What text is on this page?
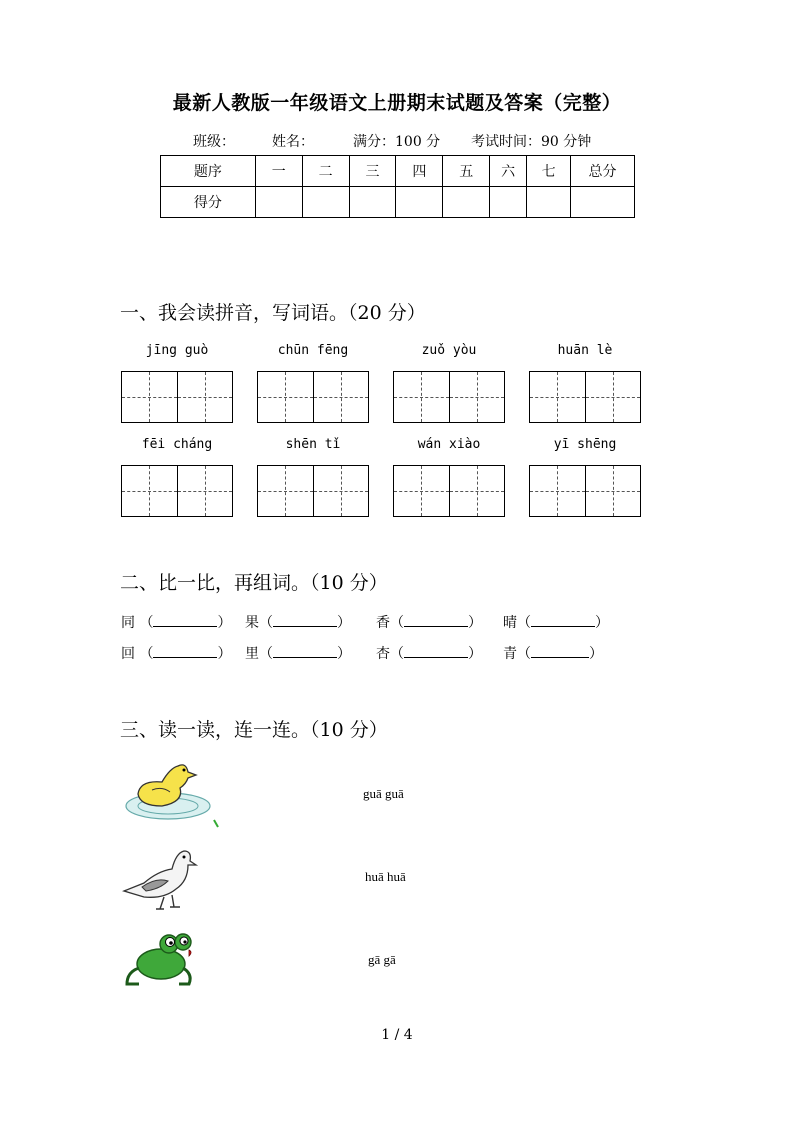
最新人教版一年级语文上册期末试题及答案（完整）
班级：	姓名：	满分：100 分 考试时间：90 分钟
题序	一	二	三	四	五	六	七	总分
得分								
一、我会读拼音，写词语。（20 分）
jīng guò	chūn fēng	zuǒ yòu	huān lè
fēi cháng	shēn tǐ	wán xiào	yī shēng
二、比一比，再组词。（10 分）
同 （	） 果（	） 香（	） 晴（	）
回 （	） 里（	） 杏（	） 青（	）
三、读一读，连一连。（10 分）
guā guā
huā huā
gā gā
1 / 4
